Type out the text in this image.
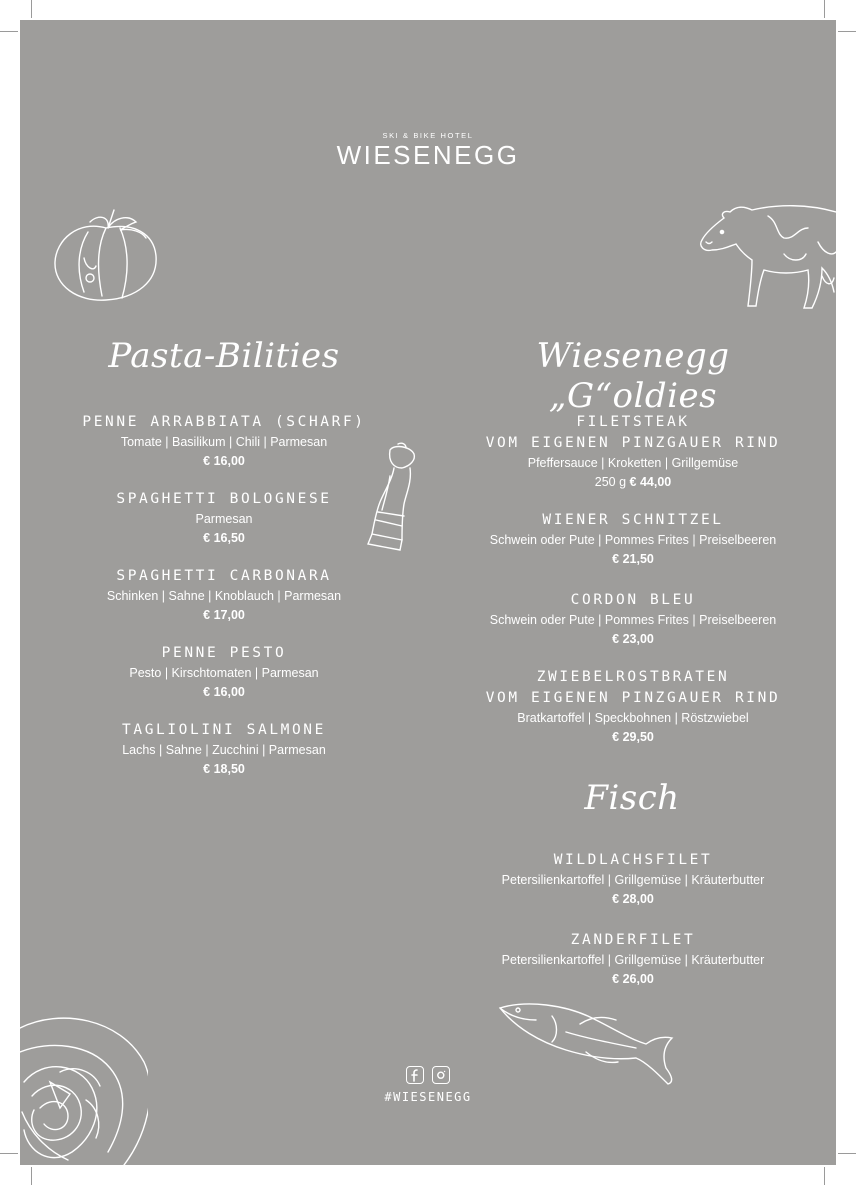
SKI & BIKE HOTEL
WIESENEGG
Pasta-Bilities	Wiesenegg „G“oldies
Fisch
PENNE ARRABBIATA (SCHARF)
Tomate | Basilikum | Chili | Parmesan
€ 16,00
SPAGHETTI BOLOGNESE
Parmesan
€ 16,50
SPAGHETTI CARBONARA
Schinken | Sahne | Knoblauch | Parmesan
€ 17,00
PENNE PESTO
Pesto | Kirschtomaten | Parmesan
€ 16,00
TAGLIOLINI SALMONE
Lachs | Sahne | Zucchini | Parmesan
€ 18,50
FILETSTEAK
VOM EIGENEN PINZGAUER RIND
Pfeffersauce | Kroketten | Grillgemüse
250 g € 44,00
WIENER SCHNITZEL
Schwein oder Pute | Pommes Frites | Preiselbeeren
€ 21,50
CORDON BLEU
Schwein oder Pute | Pommes Frites | Preiselbeeren
€ 23,00
ZWIEBELROSTBRATEN
VOM EIGENEN PINZGAUER RIND
Bratkartoffel | Speckbohnen | Röstzwiebel
€ 29,50
WILDLACHSFILET
Petersilienkartoffel | Grillgemüse | Kräuterbutter
€ 28,00
ZANDERFILET
Petersilienkartoffel | Grillgemüse | Kräuterbutter
€ 26,00
#WIESENEGG
